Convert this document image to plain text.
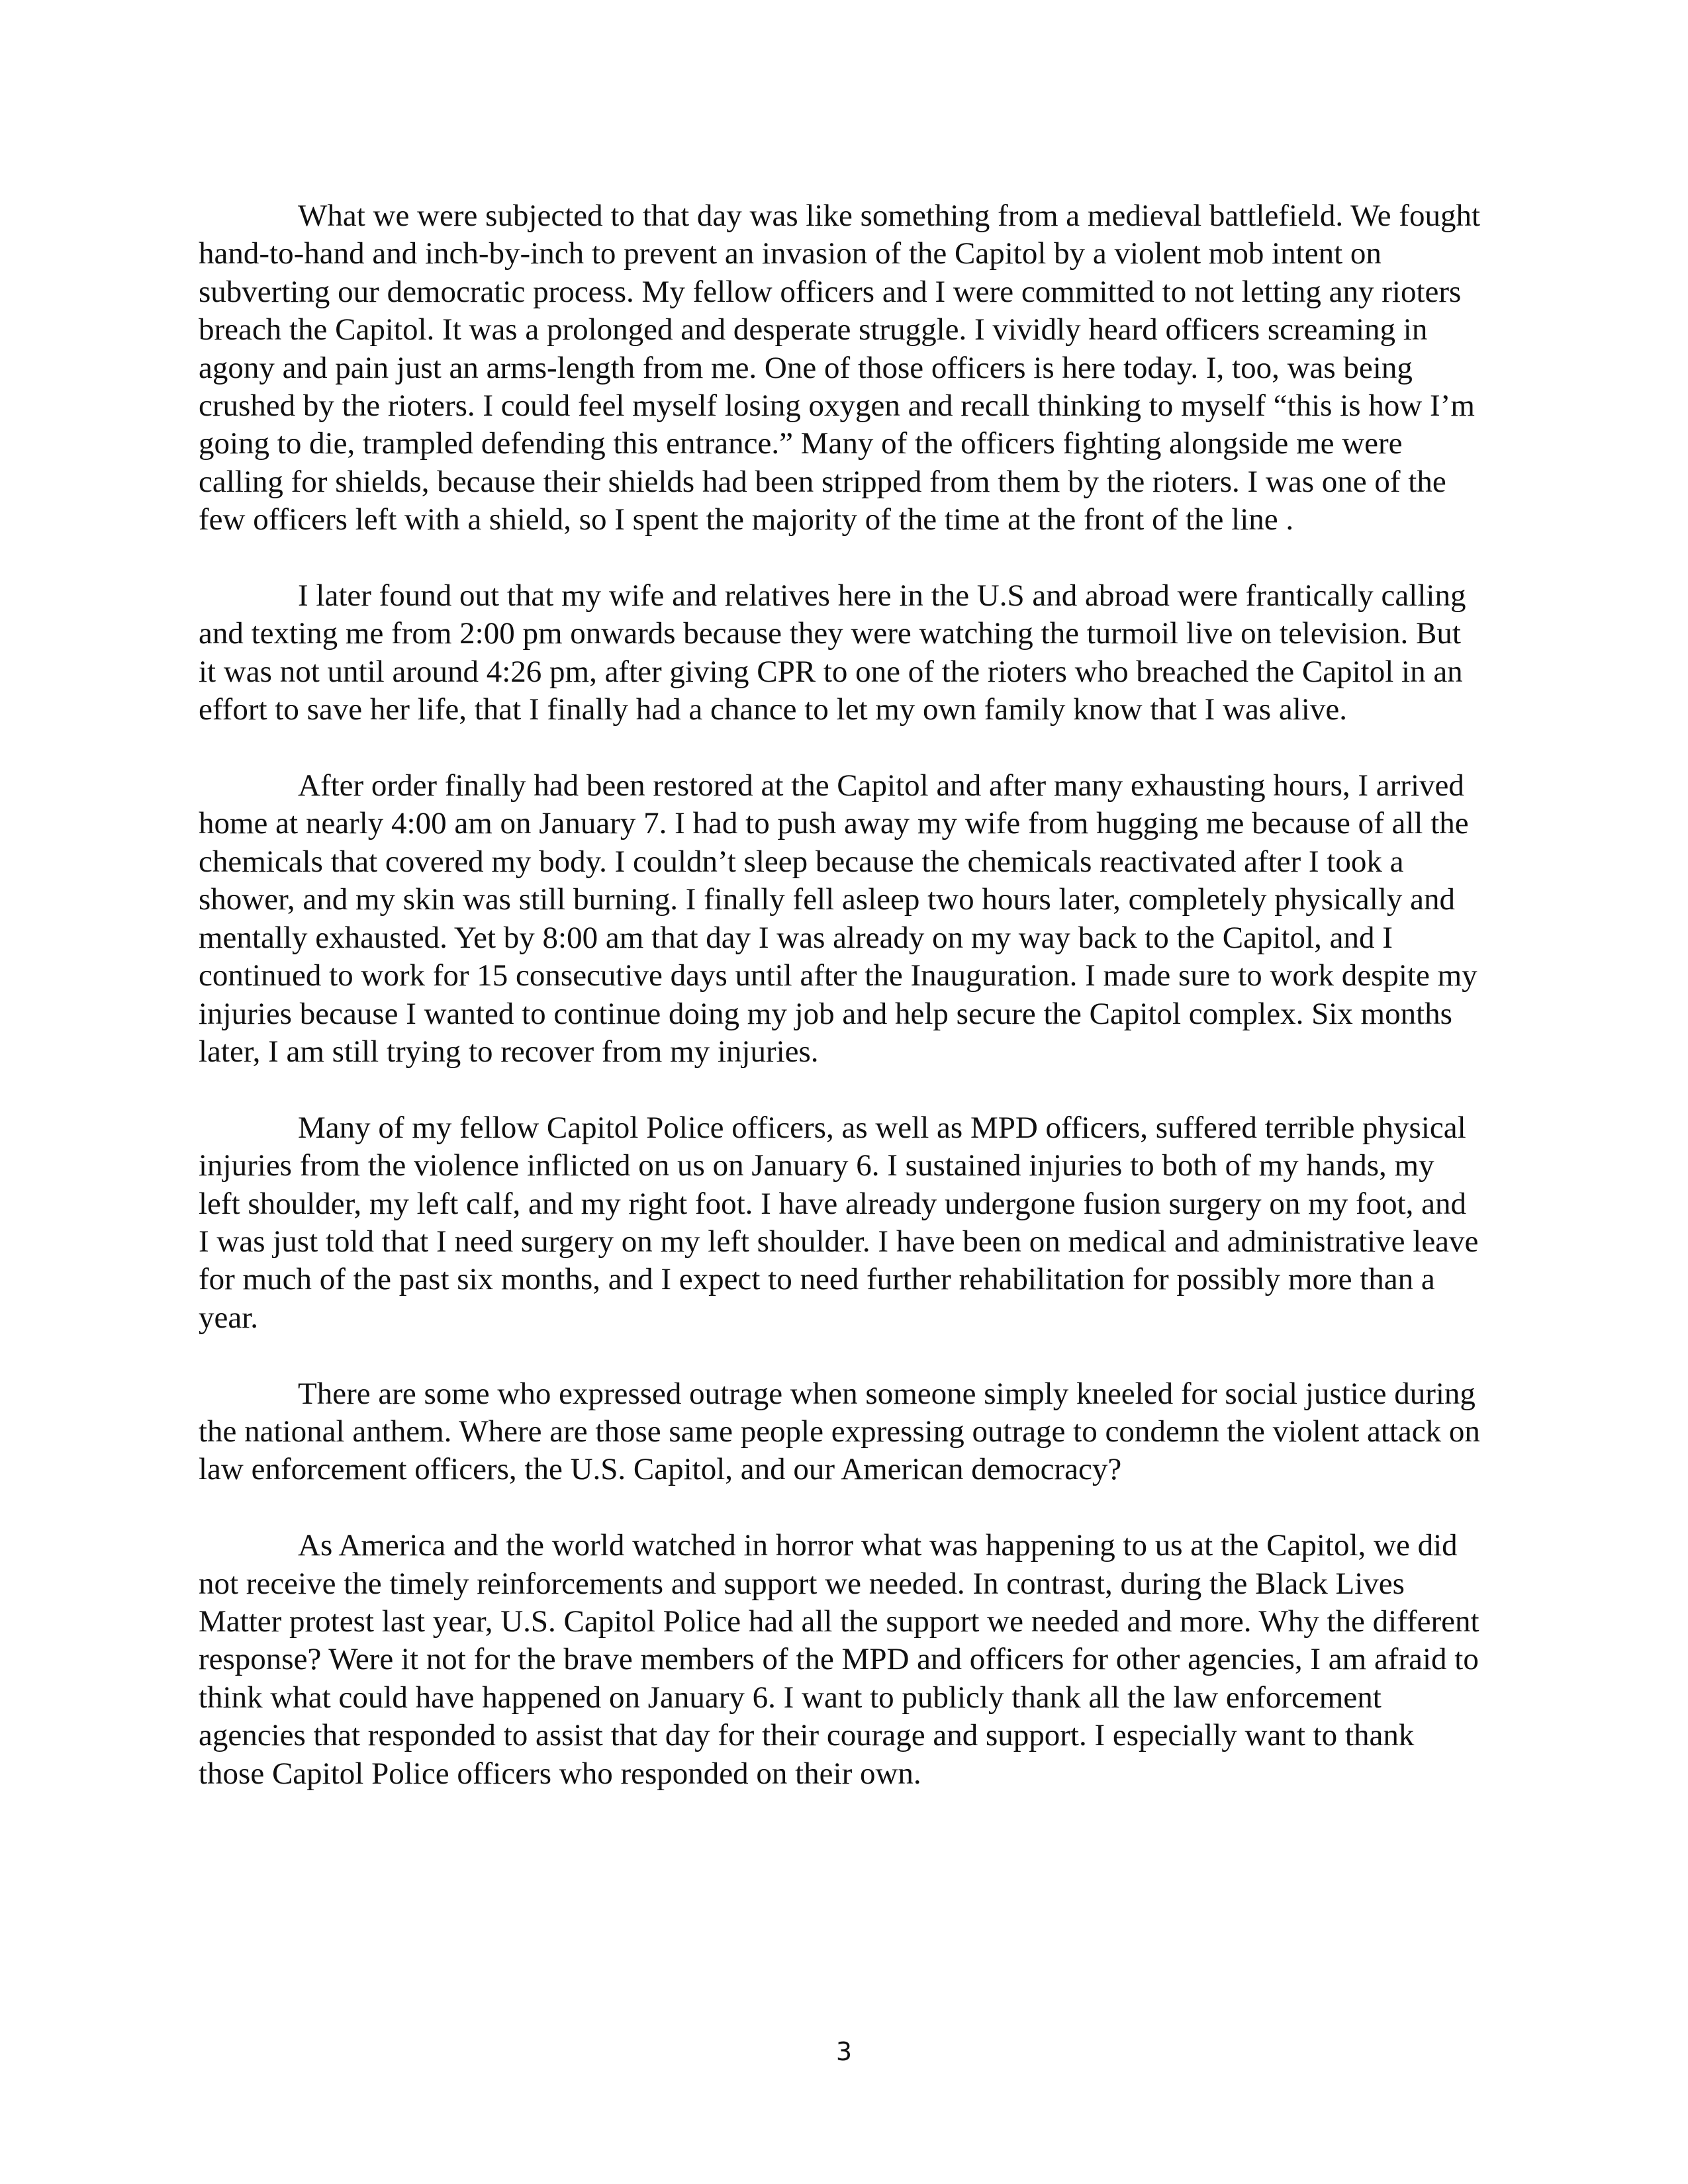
What we were subjected to that day was like something from a medieval battlefield. We fought hand-to-hand and inch-by-inch to prevent an invasion of the Capitol by a violent mob intent on subverting our democratic process. My fellow officers and I were committed to not letting any rioters breach the Capitol. It was a prolonged and desperate struggle. I vividly heard officers screaming in agony and pain just an arms-length from me. One of those officers is here today. I, too, was being crushed by the rioters. I could feel myself losing oxygen and recall thinking to myself “this is how I’m going to die, trampled defending this entrance.” Many of the officers fighting alongside me were calling for shields, because their shields had been stripped from them by the rioters. I was one of the few officers left with a shield, so I spent the majority of the time at the front of the line .

I later found out that my wife and relatives here in the U.S and abroad were frantically calling and texting me from 2:00 pm onwards because they were watching the turmoil live on television. But it was not until around 4:26 pm, after giving CPR to one of the rioters who breached the Capitol in an effort to save her life, that I finally had a chance to let my own family know that I was alive.

After order finally had been restored at the Capitol and after many exhausting hours, I arrived home at nearly 4:00 am on January 7. I had to push away my wife from hugging me because of all the chemicals that covered my body. I couldn’t sleep because the chemicals reactivated after I took a shower, and my skin was still burning. I finally fell asleep two hours later, completely physically and mentally exhausted. Yet by 8:00 am that day I was already on my way back to the Capitol, and I continued to work for 15 consecutive days until after the Inauguration. I made sure to work despite my injuries because I wanted to continue doing my job and help secure the Capitol complex. Six months later, I am still trying to recover from my injuries.

Many of my fellow Capitol Police officers, as well as MPD officers, suffered terrible physical injuries from the violence inflicted on us on January 6. I sustained injuries to both of my hands, my left shoulder, my left calf, and my right foot. I have already undergone fusion surgery on my foot, and I was just told that I need surgery on my left shoulder. I have been on medical and administrative leave for much of the past six months, and I expect to need further rehabilitation for possibly more than a year.

There are some who expressed outrage when someone simply kneeled for social justice during the national anthem. Where are those same people expressing outrage to condemn the violent attack on law enforcement officers, the U.S. Capitol, and our American democracy?

As America and the world watched in horror what was happening to us at the Capitol, we did not receive the timely reinforcements and support we needed. In contrast, during the Black Lives Matter protest last year, U.S. Capitol Police had all the support we needed and more. Why the different response? Were it not for the brave members of the MPD and officers for other agencies, I am afraid to think what could have happened on January 6. I want to publicly thank all the law enforcement agencies that responded to assist that day for their courage and support. I especially want to thank those Capitol Police officers who responded on their own.

3
